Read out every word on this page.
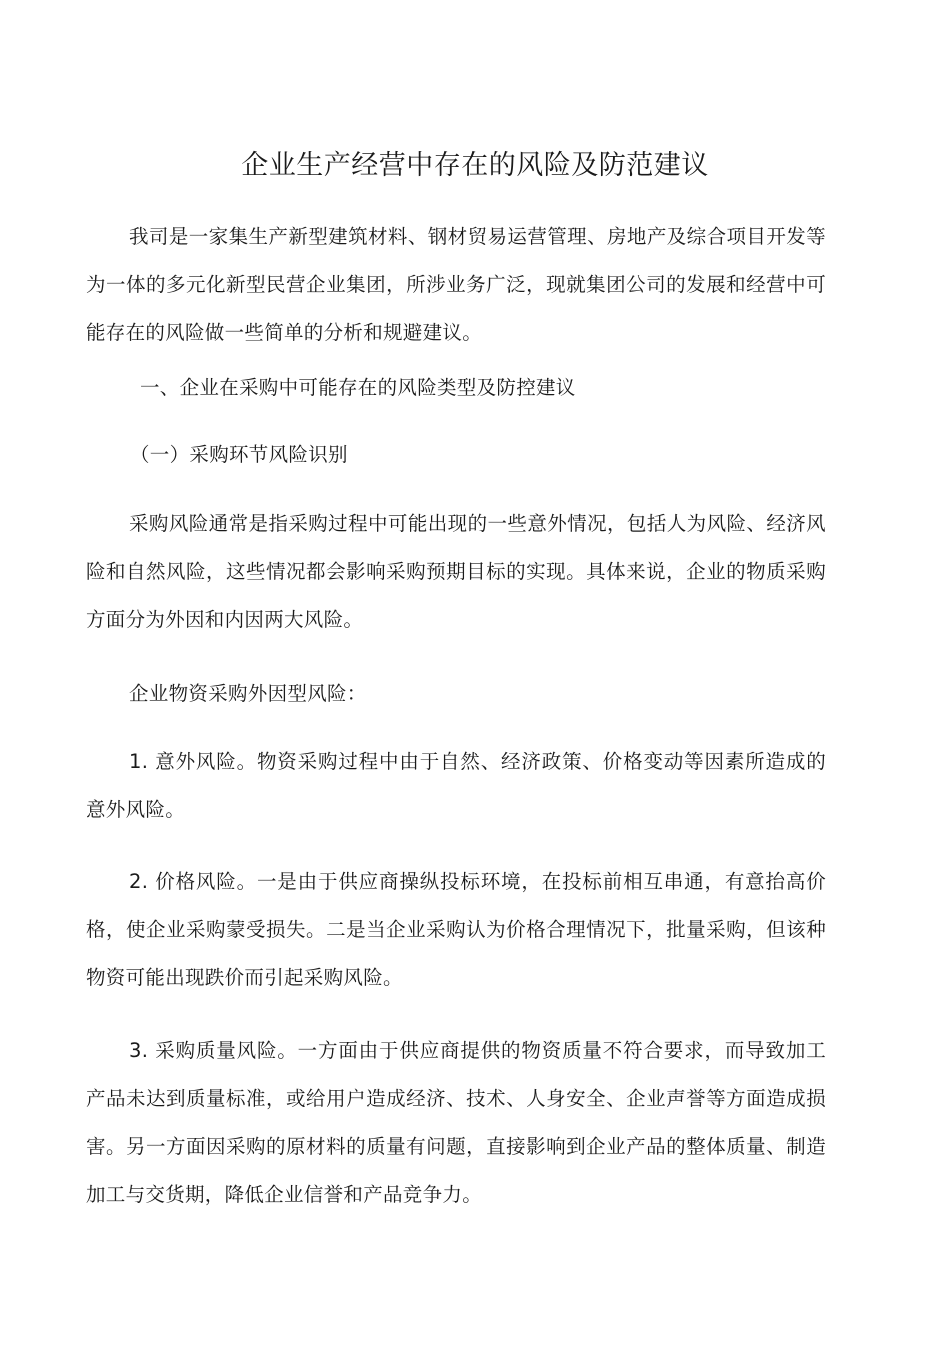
企业生产经营中存在的风险及防范建议
我司是一家集生产新型建筑材料、钢材贸易运营管理、房地产及综合项目开发等为一体的多元化新型民营企业集团，所涉业务广泛，现就集团公司的发展和经营中可能存在的风险做一些简单的分析和规避建议。
一、企业在采购中可能存在的风险类型及防控建议
（一）采购环节风险识别
采购风险通常是指采购过程中可能出现的一些意外情况，包括人为风险、经济风险和自然风险，这些情况都会影响采购预期目标的实现。具体来说，企业的物质采购方面分为外因和内因两大风险。
企业物资采购外因型风险：
1. 意外风险。物资采购过程中由于自然、经济政策、价格变动等因素所造成的意外风险。
2. 价格风险。一是由于供应商操纵投标环境，在投标前相互串通，有意抬高价格，使企业采购蒙受损失。二是当企业采购认为价格合理情况下，批量采购，但该种物资可能出现跌价而引起采购风险。
3. 采购质量风险。一方面由于供应商提供的物资质量不符合要求，而导致加工产品未达到质量标准，或给用户造成经济、技术、人身安全、企业声誉等方面造成损害。另一方面因采购的原材料的质量有问题，直接影响到企业产品的整体质量、制造加工与交货期，降低企业信誉和产品竞争力。
